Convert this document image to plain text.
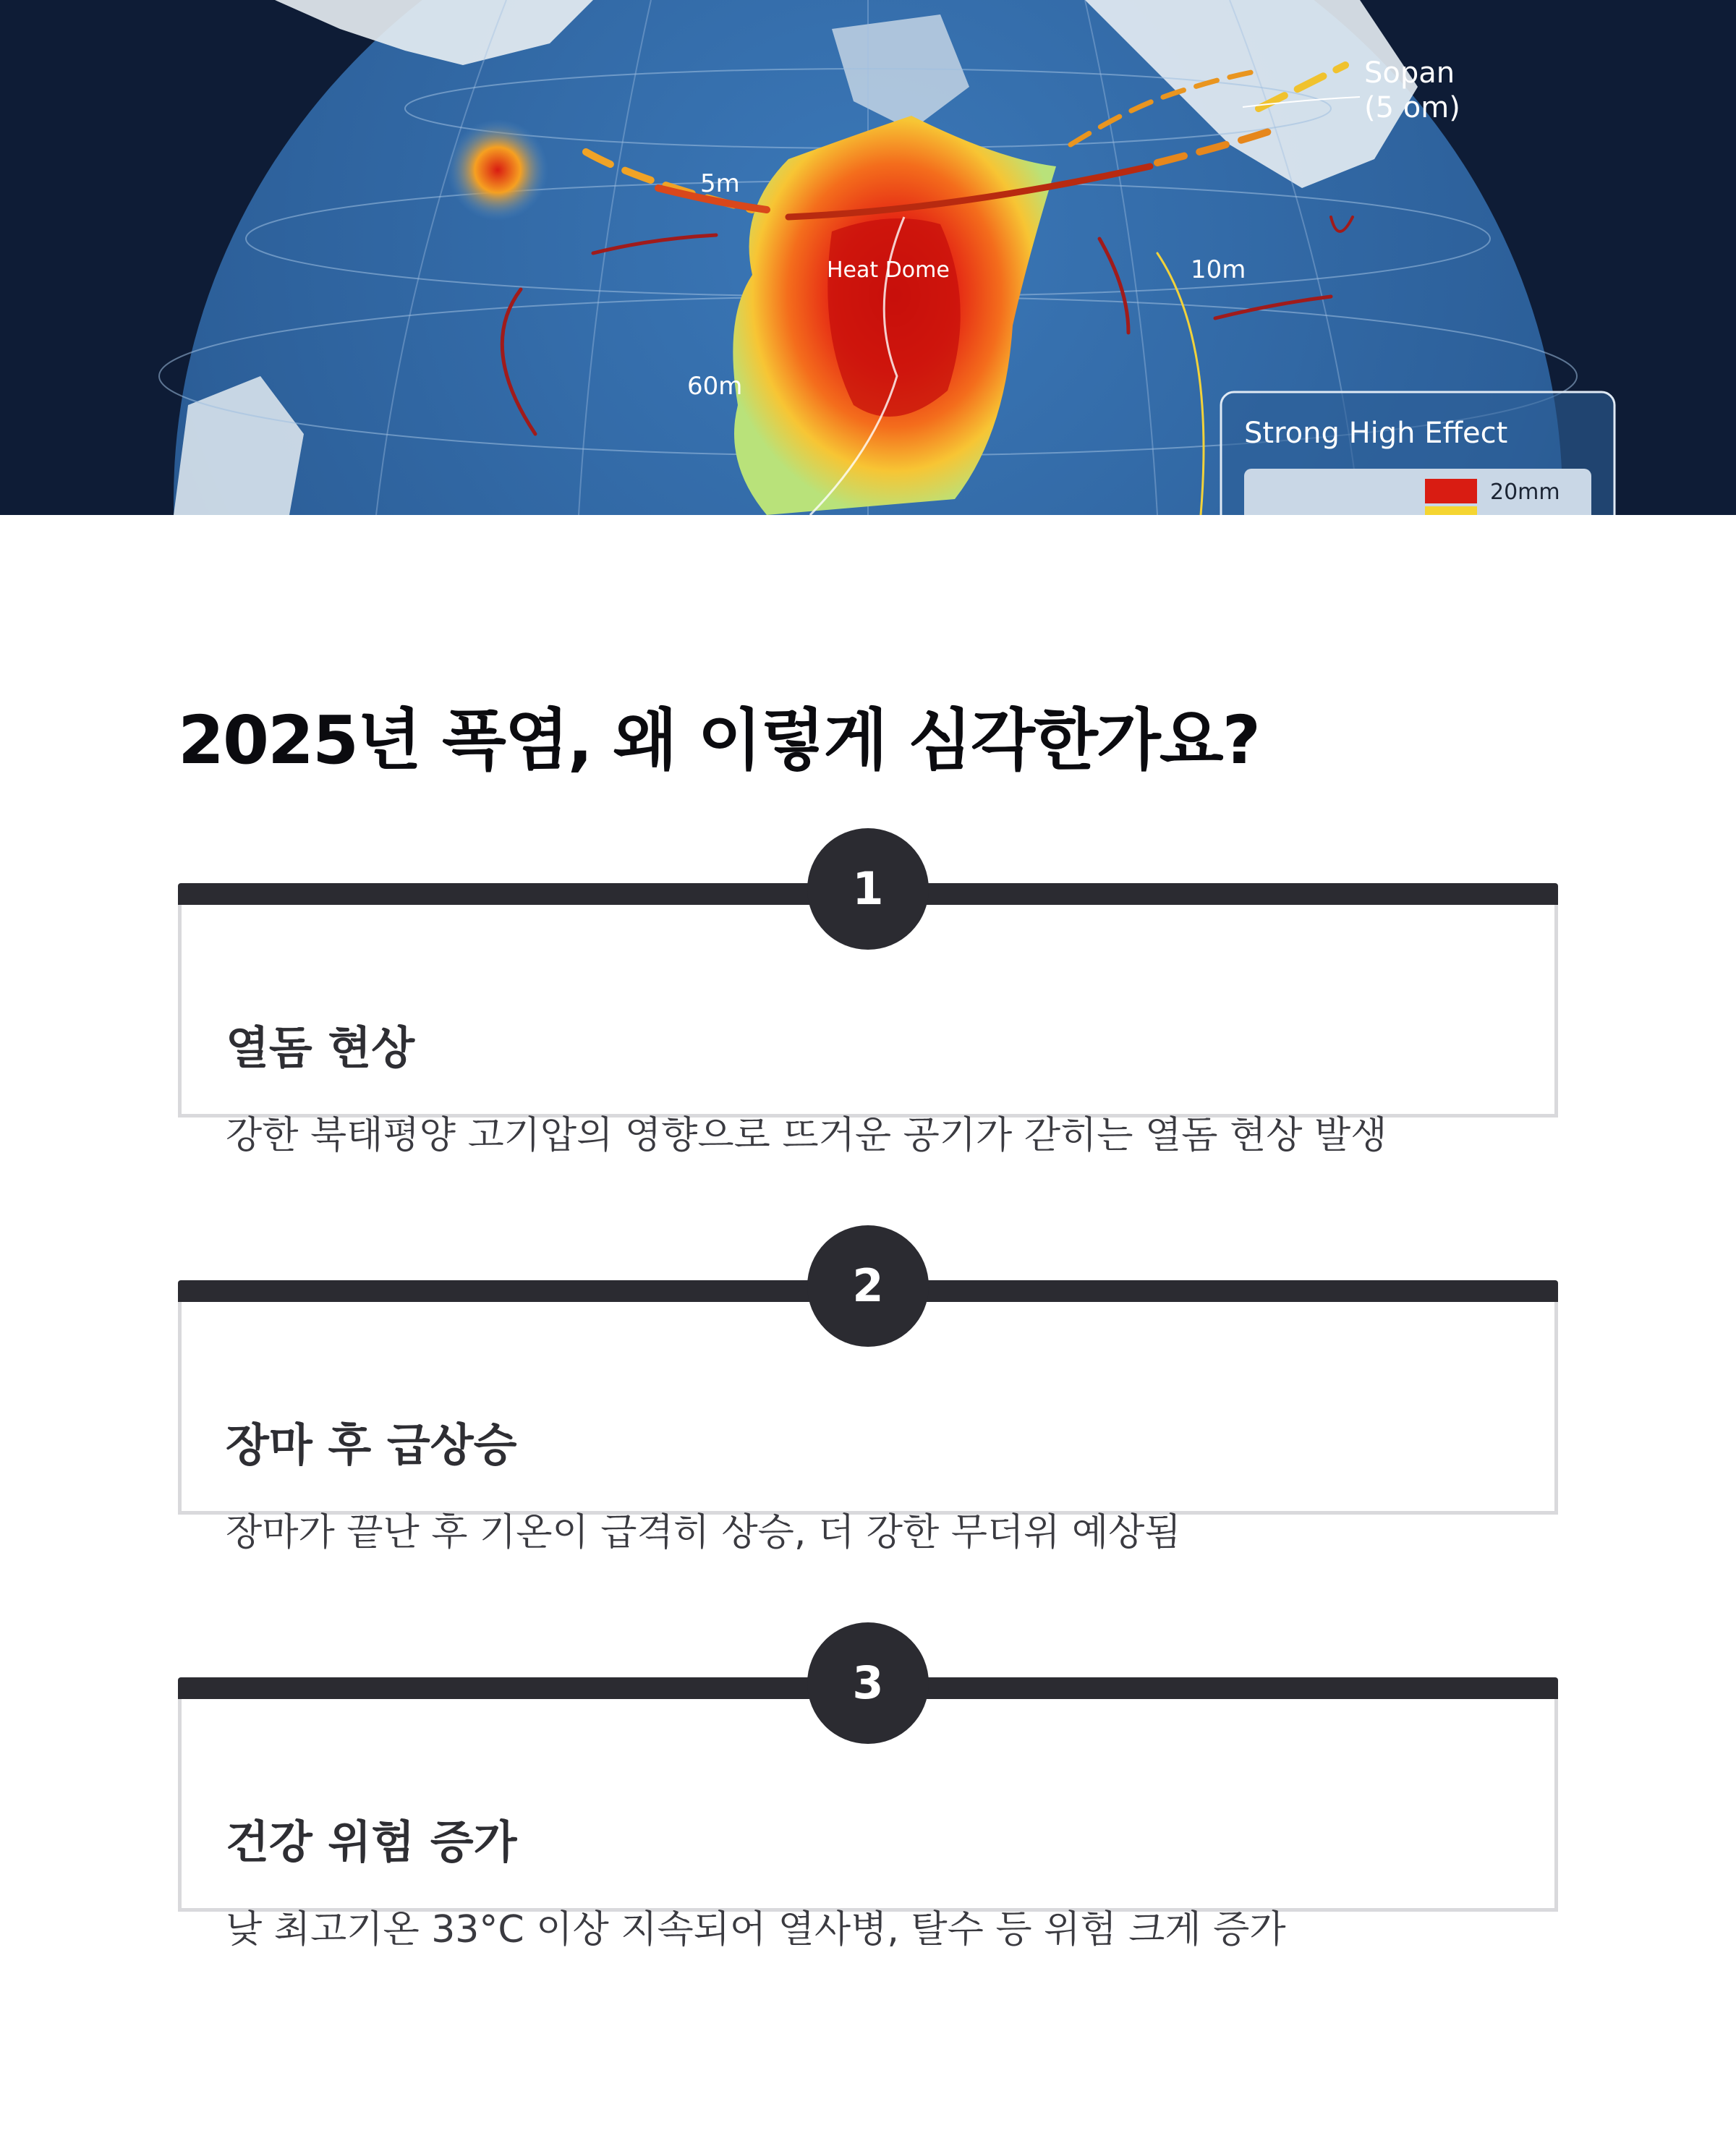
5m
Heat Dome	10m
60m
Sopan
(5 om)
Strong High Effect
20mm
2025년 폭염, 왜 이렇게 심각한가요?
1
열돔 현상

강한 북태평양 고기압의 영향으로 뜨거운 공기가 갇히는 열돔 현상 발생

2
장마 후 급상승

장마가 끝난 후 기온이 급격히 상승, 더 강한 무더위 예상됨

3
건강 위험 증가

낮 최고기온 33°C 이상 지속되어 열사병, 탈수 등 위험 크게 증가
